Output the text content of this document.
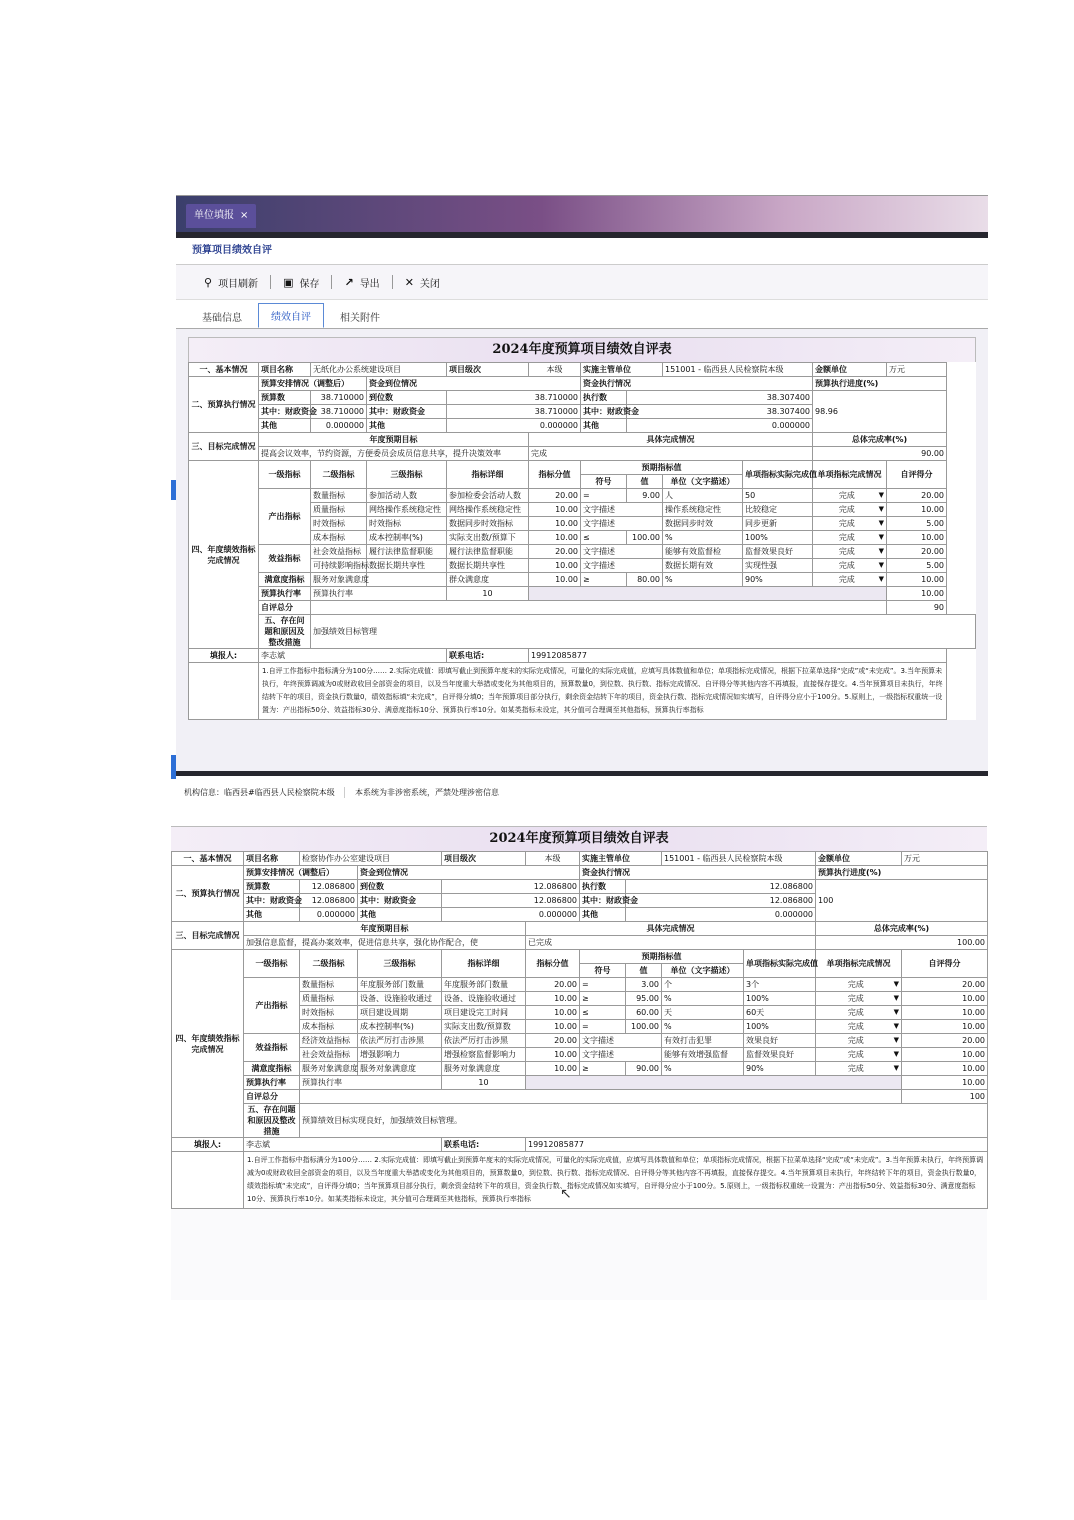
单位填报 ×
预算项目绩效自评
⚲ 项目刷新 ▣ 保存 ↗ 导出 ✕ 关闭
基础信息	绩效自评	相关附件
2024年度预算项目绩效自评表
一、基本情况	项目名称	无纸化办公系统建设项目		项目级次	本级	实施主管单位		151001 - 临西县人民检察院本级		金额单位	万元
二、预算执行情况	预算安排情况（调整后）		资金到位情况			资金执行情况				预算执行进度(%)	
	预算数	38.710000	到位数	38.710000		执行数	38.307400			98.96	
	其中：财政资金	38.710000	其中：财政资金	38.710000		其中：财政资金	38.307400				
	其他	0.000000	其他	0.000000		其他	0.000000				
三、目标完成情况	年度预期目标				具体完成情况					总体完成率(%)	
	提高会议效率，节约资源，方便委员会成员信息共享，提升决策效率				完成					90.00	
四、年度绩效指标完成情况	一级指标	二级指标	三级指标	指标详细	指标分值	预期指标值			单项指标实际完成值	单项指标完成情况	自评得分
						符号	值	单位（文字描述）			
	产出指标	数量指标	参加活动人数	参加检委会活动人数	20.00	=	9.00	人	50	完成 ▼	20.00
		质量指标	网络操作系统稳定性	网络操作系统稳定性	10.00	文字描述		操作系统稳定性	比较稳定	完成 ▼	10.00
		时效指标	时效指标	数据同步时效指标	10.00	文字描述		数据同步时效	同步更新	完成 ▼	5.00
		成本指标	成本控制率(%)	实际支出数/预算下	10.00	≤	100.00	%	100%	完成 ▼	10.00
	效益指标	社会效益指标	履行法律监督职能	履行法律监督职能	20.00	文字描述		能够有效监督检	监督效果良好	完成 ▼	20.00
		可持续影响指标	数据长期共享性	数据长期共享性	10.00	文字描述		数据长期有效	实现性强	完成 ▼	5.00
	满意度指标	服务对象满意度		群众满意度	10.00	≥	80.00	%	90%	完成 ▼	10.00
	预算执行率	预算执行率		10							10.00
	自评总分										90
	五、存在问题和原因及整改措施	加强绩效目标管理									
填报人:	李志斌			联系电话:	19912085877						
	1.自评工作指标中指标满分为100分…… 2.实际完成值：即填写截止到预算年度末的实际完成情况，可量化的实际完成值，应填写具体数值和单位；单项指标完成情况，根据下拉菜单选择“完成”或“未完成”。3.当年预算未执行，年终预算调减为0或财政收回全部资金的项目，以及当年度重大举措或变化为其他项目的，预算数量0，到位数、执行数、指标完成情况、自评得分等其他内容不再填报，直接保存提交。4.当年预算项目未执行，年终结转下年的项目，资金执行数量0，绩效指标填“未完成”，自评得分填0；当年预算项目部分执行，剩余资金结转下年的项目，资金执行数、指标完成情况如实填写，自评得分应小于100分。5.原则上，一级指标权重统一设置为：产出指标50分、效益指标30分、满意度指标10分、预算执行率10分。如某类指标未设定，其分值可合理调至其他指标，预算执行率指标										
机构信息：临西县#临西县人民检察院本级	本系统为非涉密系统，严禁处理涉密信息
2024年度预算项目绩效自评表
一、基本情况	项目名称	检察协作办公室建设项目		项目级次	本级	实施主管单位		151001 - 临西县人民检察院本级		金额单位	万元
二、预算执行情况	预算安排情况（调整后）		资金到位情况			资金执行情况				预算执行进度(%)	
	预算数	12.086800	到位数	12.086800		执行数	12.086800			100	
	其中：财政资金	12.086800	其中：财政资金	12.086800		其中：财政资金	12.086800				
	其他	0.000000	其他	0.000000		其他	0.000000				
三、目标完成情况	年度预期目标				具体完成情况					总体完成率(%)	
	加强信息监督，提高办案效率，促进信息共享，强化协作配合，使				已完成					100.00	
四、年度绩效指标完成情况	一级指标	二级指标	三级指标	指标详细	指标分值	预期指标值			单项指标实际完成值	单项指标完成情况	自评得分
						符号	值	单位（文字描述）			
	产出指标	数量指标	年度服务部门数量	年度服务部门数量	20.00	=	3.00	个	3个	完成 ▼	20.00
		质量指标	设备、设施验收通过	设备、设施验收通过	10.00	≥	95.00	%	100%	完成 ▼	10.00
		时效指标	项目建设周期	项目建设完工时间	10.00	≤	60.00	天	60天	完成 ▼	10.00
		成本指标	成本控制率(%)	实际支出数/预算数	10.00	=	100.00	%	100%	完成 ▼	10.00
	效益指标	经济效益指标	依法严厉打击涉黑	依法严厉打击涉黑	20.00	文字描述		有效打击犯罪	效果良好	完成 ▼	20.00
		社会效益指标	增强影响力	增强检察监督影响力	10.00	文字描述		能够有效增强监督	监督效果良好	完成 ▼	10.00
	满意度指标	服务对象满意度	服务对象满意度	服务对象满意度	10.00	≥	90.00	%	90%	完成 ▼	10.00
	预算执行率	预算执行率		10							10.00
	自评总分										100
	五、存在问题和原因及整改措施	预算绩效目标实现良好，加强绩效目标管理。									
填报人:	李志斌			联系电话:	19912085877						
	1.自评工作指标中指标满分为100分…… 2.实际完成值：即填写截止到预算年度末的实际完成情况，可量化的实际完成值，应填写具体数值和单位；单项指标完成情况，根据下拉菜单选择“完成”或“未完成”。3.当年预算未执行，年终预算调减为0或财政收回全部资金的项目，以及当年度重大举措或变化为其他项目的，预算数量0，到位数、执行数、指标完成情况、自评得分等其他内容不再填报，直接保存提交。4.当年预算项目未执行，年终结转下年的项目，资金执行数量0，绩效指标填“未完成”，自评得分填0；当年预算项目部分执行，剩余资金结转下年的项目，资金执行数、指标完成情况如实填写，自评得分应小于100分。5.原则上，一级指标权重统一设置为：产出指标50分、效益指标30分、满意度指标10分、预算执行率10分。如某类指标未设定，其分值可合理调至其他指标，预算执行率指标										↖
